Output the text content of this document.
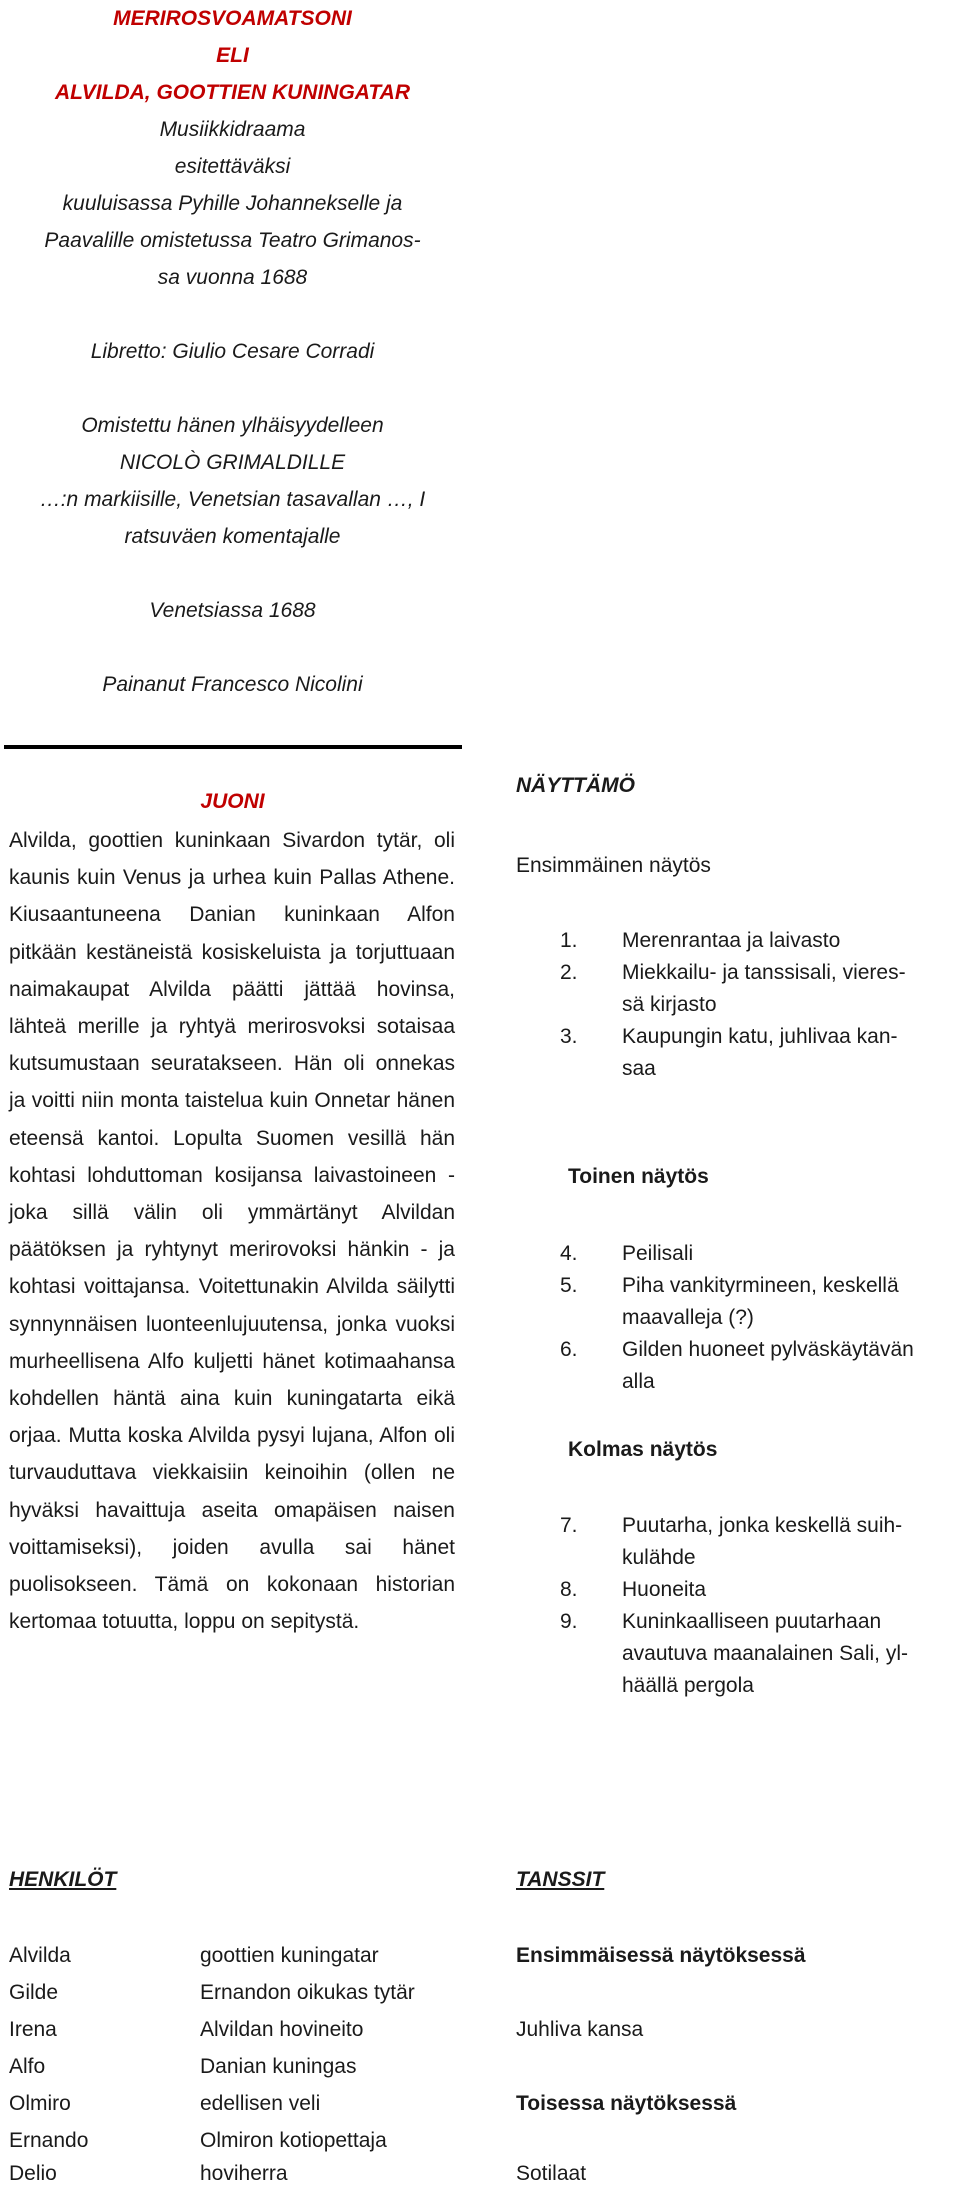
MERIROSVOAMATSONI
ELI
ALVILDA, GOOTTIEN KUNINGATAR
Musiikkidraama
esitettäväksi
kuuluisassa Pyhille Johannekselle ja
Paavalille omistetussa Teatro Grimanos-
sa vuonna 1688
Libretto: Giulio Cesare Corradi
Omistettu hänen ylhäisyydelleen
NICOLÒ GRIMALDILLE
…:n markiisille, Venetsian tasavallan …, I
ratsuväen komentajalle
Venetsiassa 1688
Painanut Francesco Nicolini
JUONI
Alvilda, goottien kuninkaan Sivardon tytär, oli kaunis kuin Venus ja urhea kuin Pallas Athene. Kiusaantuneena Danian kuninkaan Alfon pitkään kestäneistä kosiskeluista ja torjuttuaan naimakaupat Alvilda päätti jättää hovinsa, lähteä merille ja ryhtyä merirosvoksi sotaisaa kutsumustaan seuratakseen. Hän oli onnekas ja voitti niin monta taistelua kuin Onnetar hänen eteensä kantoi. Lopulta Suomen vesillä hän kohtasi lohduttoman kosijansa laivastoineen - joka sillä välin oli ymmärtänyt Alvildan päätöksen ja ryhtynyt merirovoksi hänkin - ja kohtasi voittajansa. Voitettunakin Alvilda säilytti synnynnäisen luonteenlujuutensa, jonka vuoksi murheellisena Alfo kuljetti hänet kotimaahansa kohdellen häntä aina kuin kuningatarta eikä orjaa. Mutta koska Alvilda pysyi lujana, Alfon oli turvauduttava viekkaisiin keinoihin (ollen ne hyväksi havaittuja aseita omapäisen naisen voittamiseksi), joiden avulla sai hänet puolisokseen. Tämä on kokonaan historian kertomaa totuutta, loppu on sepitystä.
NÄYTTÄMÖ
Ensimmäinen näytös
1.	Merenrantaa ja laivasto
2.	Miekkailu- ja tanssisali, vieres-
sä kirjasto
3.	Kaupungin katu, juhlivaa kan-
saa
Toinen näytös
4.	Peilisali
5.	Piha vankityrmineen, keskellä
maavalleja (?)
6.	Gilden huoneet pylväskäytävän
alla
Kolmas näytös
7.	Puutarha, jonka keskellä suih-
kulähde
8.	Huoneita
9.	Kuninkaalliseen puutarhaan
avautuva maanalainen Sali, yl-
häällä pergola
HENKILÖT
Alvilda	goottien kuningatar
Gilde	Ernandon oikukas tytär
Irena	Alvildan hovineito
Alfo	Danian kuningas
Olmiro	edellisen veli
Ernando	Olmiron kotiopettaja
Delio	hoviherra
TANSSIT
Ensimmäisessä näytöksessä
Juhliva kansa
Toisessa näytöksessä
Sotilaat
